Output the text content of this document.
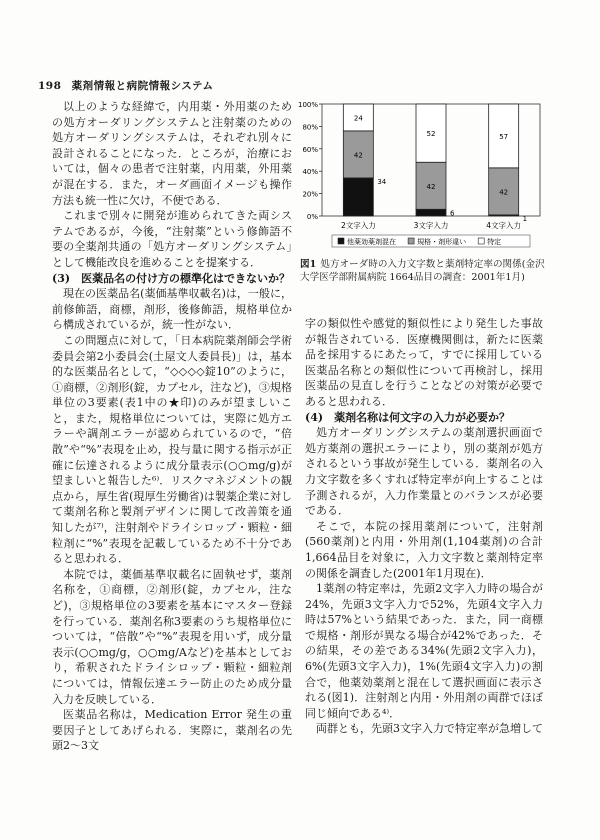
198 薬剤情報と病院情報システム

以上のような経緯で，内用薬・外用薬のための処方オーダリングシステムと注射薬のための処方オーダリングシステムは，それぞれ別々に設計されることになった．ところが，治療においては，個々の患者で注射薬，内用薬，外用薬が混在する．また，オーダ画面イメージも操作方法も統一性に欠け，不便である．

これまで別々に開発が進められてきた両システムであるが，今後，“注射薬”という修飾語不要の全薬剤共通の「処方オーダリングシステム」として機能改良を進めることを提案する．

(3)　医薬品名の付け方の標準化はできないか？

現在の医薬品名(薬価基準収載名)は，一般に，前修飾語，商標，剤形，後修飾語，規格単位から構成されているが，統一性がない．

この問題点に対して，「日本病院薬剤師会学術委員会第2小委員会(土屋文人委員長)」は，基本的な医薬品名として，“◇◇◇◇錠10”のように，①商標，②剤形(錠，カプセル，注など)，③規格単位の3要素(表1中の★印)のみが望ましいこと，また，規格単位については，実際に処方エラーや調剤エラーが認められているので，“倍散”や“%”表現を止め，投与量に関する指示が正確に伝達されるように成分量表示(○○mg/g)が望ましいと報告した⁶⁾．リスクマネジメントの観点から，厚生省(現厚生労働省)は製薬企業に対して薬剤名称と製剤デザインに関して改善策を通知したが⁷⁾，注射剤やドライシロップ・顆粒・細粒剤に“%”表現を記載しているため不十分であると思われる．

本院では，薬価基準収載名に固執せず，薬剤名称を，①商標，②剤形(錠，カプセル，注など)，③規格単位の3要素を基本にマスター登録を行っている．薬剤名称3要素のうち規格単位については，“倍散”や“%”表現を用いず，成分量表示(○○mg/g，○○mg/Aなど)を基本としており，希釈されたドライシロップ・顆粒・細粒剤については，情報伝達エラー防止のため成分量入力を反映している．

医薬品名称は，Medication Error 発生の重要因子としてあげられる．実際に，薬剤名の先頭2～3文

字の類似性や感覚的類似性により発生した事故が報告されている．医療機関側は，新たに医薬品を採用するにあたって，すでに採用している医薬品名称との類似性について再検討し，採用医薬品の見直しを行うことなどの対策が必要であると思われる．

(4)　薬剤名称は何文字の入力が必要か？

処方オーダリングシステムの薬剤選択画面で処方薬剤の選択エラーにより，別の薬剤が処方されるという事故が発生している．薬剤名の入力文字数を多くすれば特定率が向上することは予測されるが，入力作業量とのバランスが必要である．

そこで，本院の採用薬剤について，注射剤(560薬剤)と内用・外用剤(1,104薬剤)の合計1,664品目を対象に，入力文字数と薬剤特定率の関係を調査した(2001年1月現在)．

1薬剤の特定率は，先頭2文字入力時の場合が24%，先頭3文字入力で52%，先頭4文字入力時は57%という結果であった．また，同一商標で規格・剤形が異なる場合が42%であった．その結果，その差である34%(先頭2文字入力)，6%(先頭3文字入力)，1%(先頭4文字入力)の割合で，他薬効薬剤と混在して選択画面に表示される(図1)．注射剤と内用・外用剤の両群でほぼ同じ傾向である⁴⁾．

両群とも，先頭3文字入力で特定率が急増して

0%
20%
40%
60%
80%
100%
34
42
24
2文字入力
6
42
52
3文字入力
1
42
57
4文字入力
他薬効薬剤混在	規格・剤形違い	特定
図1 処方オーダ時の入力文字数と薬剤特定率の関係(金沢大学医学部附属病院 1664品目の調査：2001年1月)
